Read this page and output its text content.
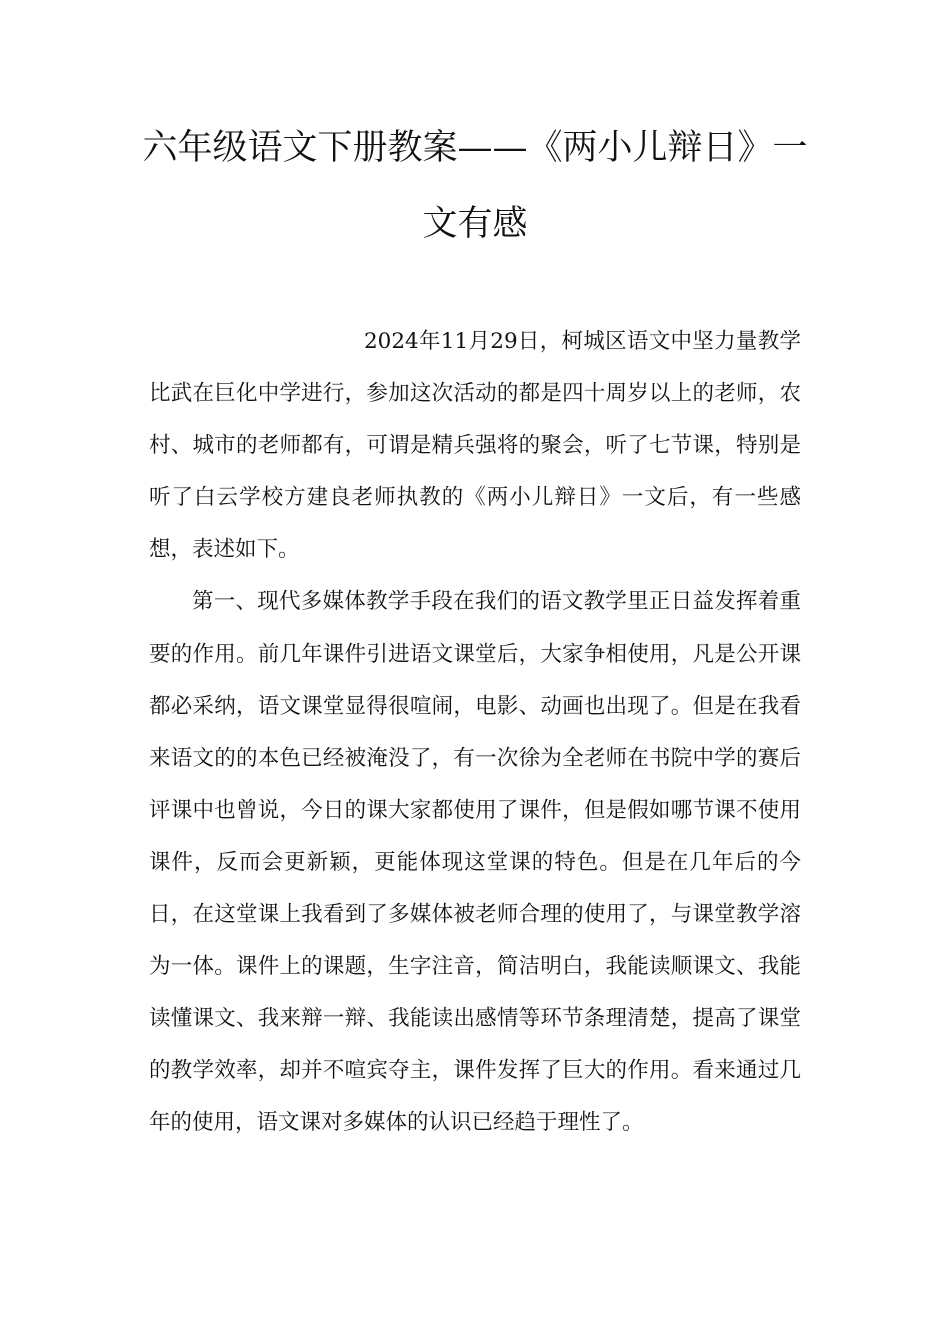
六年级语文下册教案——《两小儿辩日》一
文有感

2024年11月29日，柯城区语文中坚力量教学比武在巨化中学进行，参加这次活动的都是四十周岁以上的老师，农村、城市的老师都有，可谓是精兵强将的聚会，听了七节课，特别是听了白云学校方建良老师执教的《两小儿辩日》一文后，有一些感想，表述如下。

第一、现代多媒体教学手段在我们的语文教学里正日益发挥着重要的作用。前几年课件引进语文课堂后，大家争相使用，凡是公开课都必采纳，语文课堂显得很喧闹，电影、动画也出现了。但是在我看来语文的的本色已经被淹没了，有一次徐为全老师在书院中学的赛后评课中也曾说，今日的课大家都使用了课件，但是假如哪节课不使用课件，反而会更新颖，更能体现这堂课的特色。但是在几年后的今日，在这堂课上我看到了多媒体被老师合理的使用了，与课堂教学溶为一体。课件上的课题，生字注音，简洁明白，我能读顺课文、我能读懂课文、我来辩一辩、我能读出感情等环节条理清楚，提高了课堂的教学效率，却并不喧宾夺主，课件发挥了巨大的作用。看来通过几年的使用，语文课对多媒体的认识已经趋于理性了。
